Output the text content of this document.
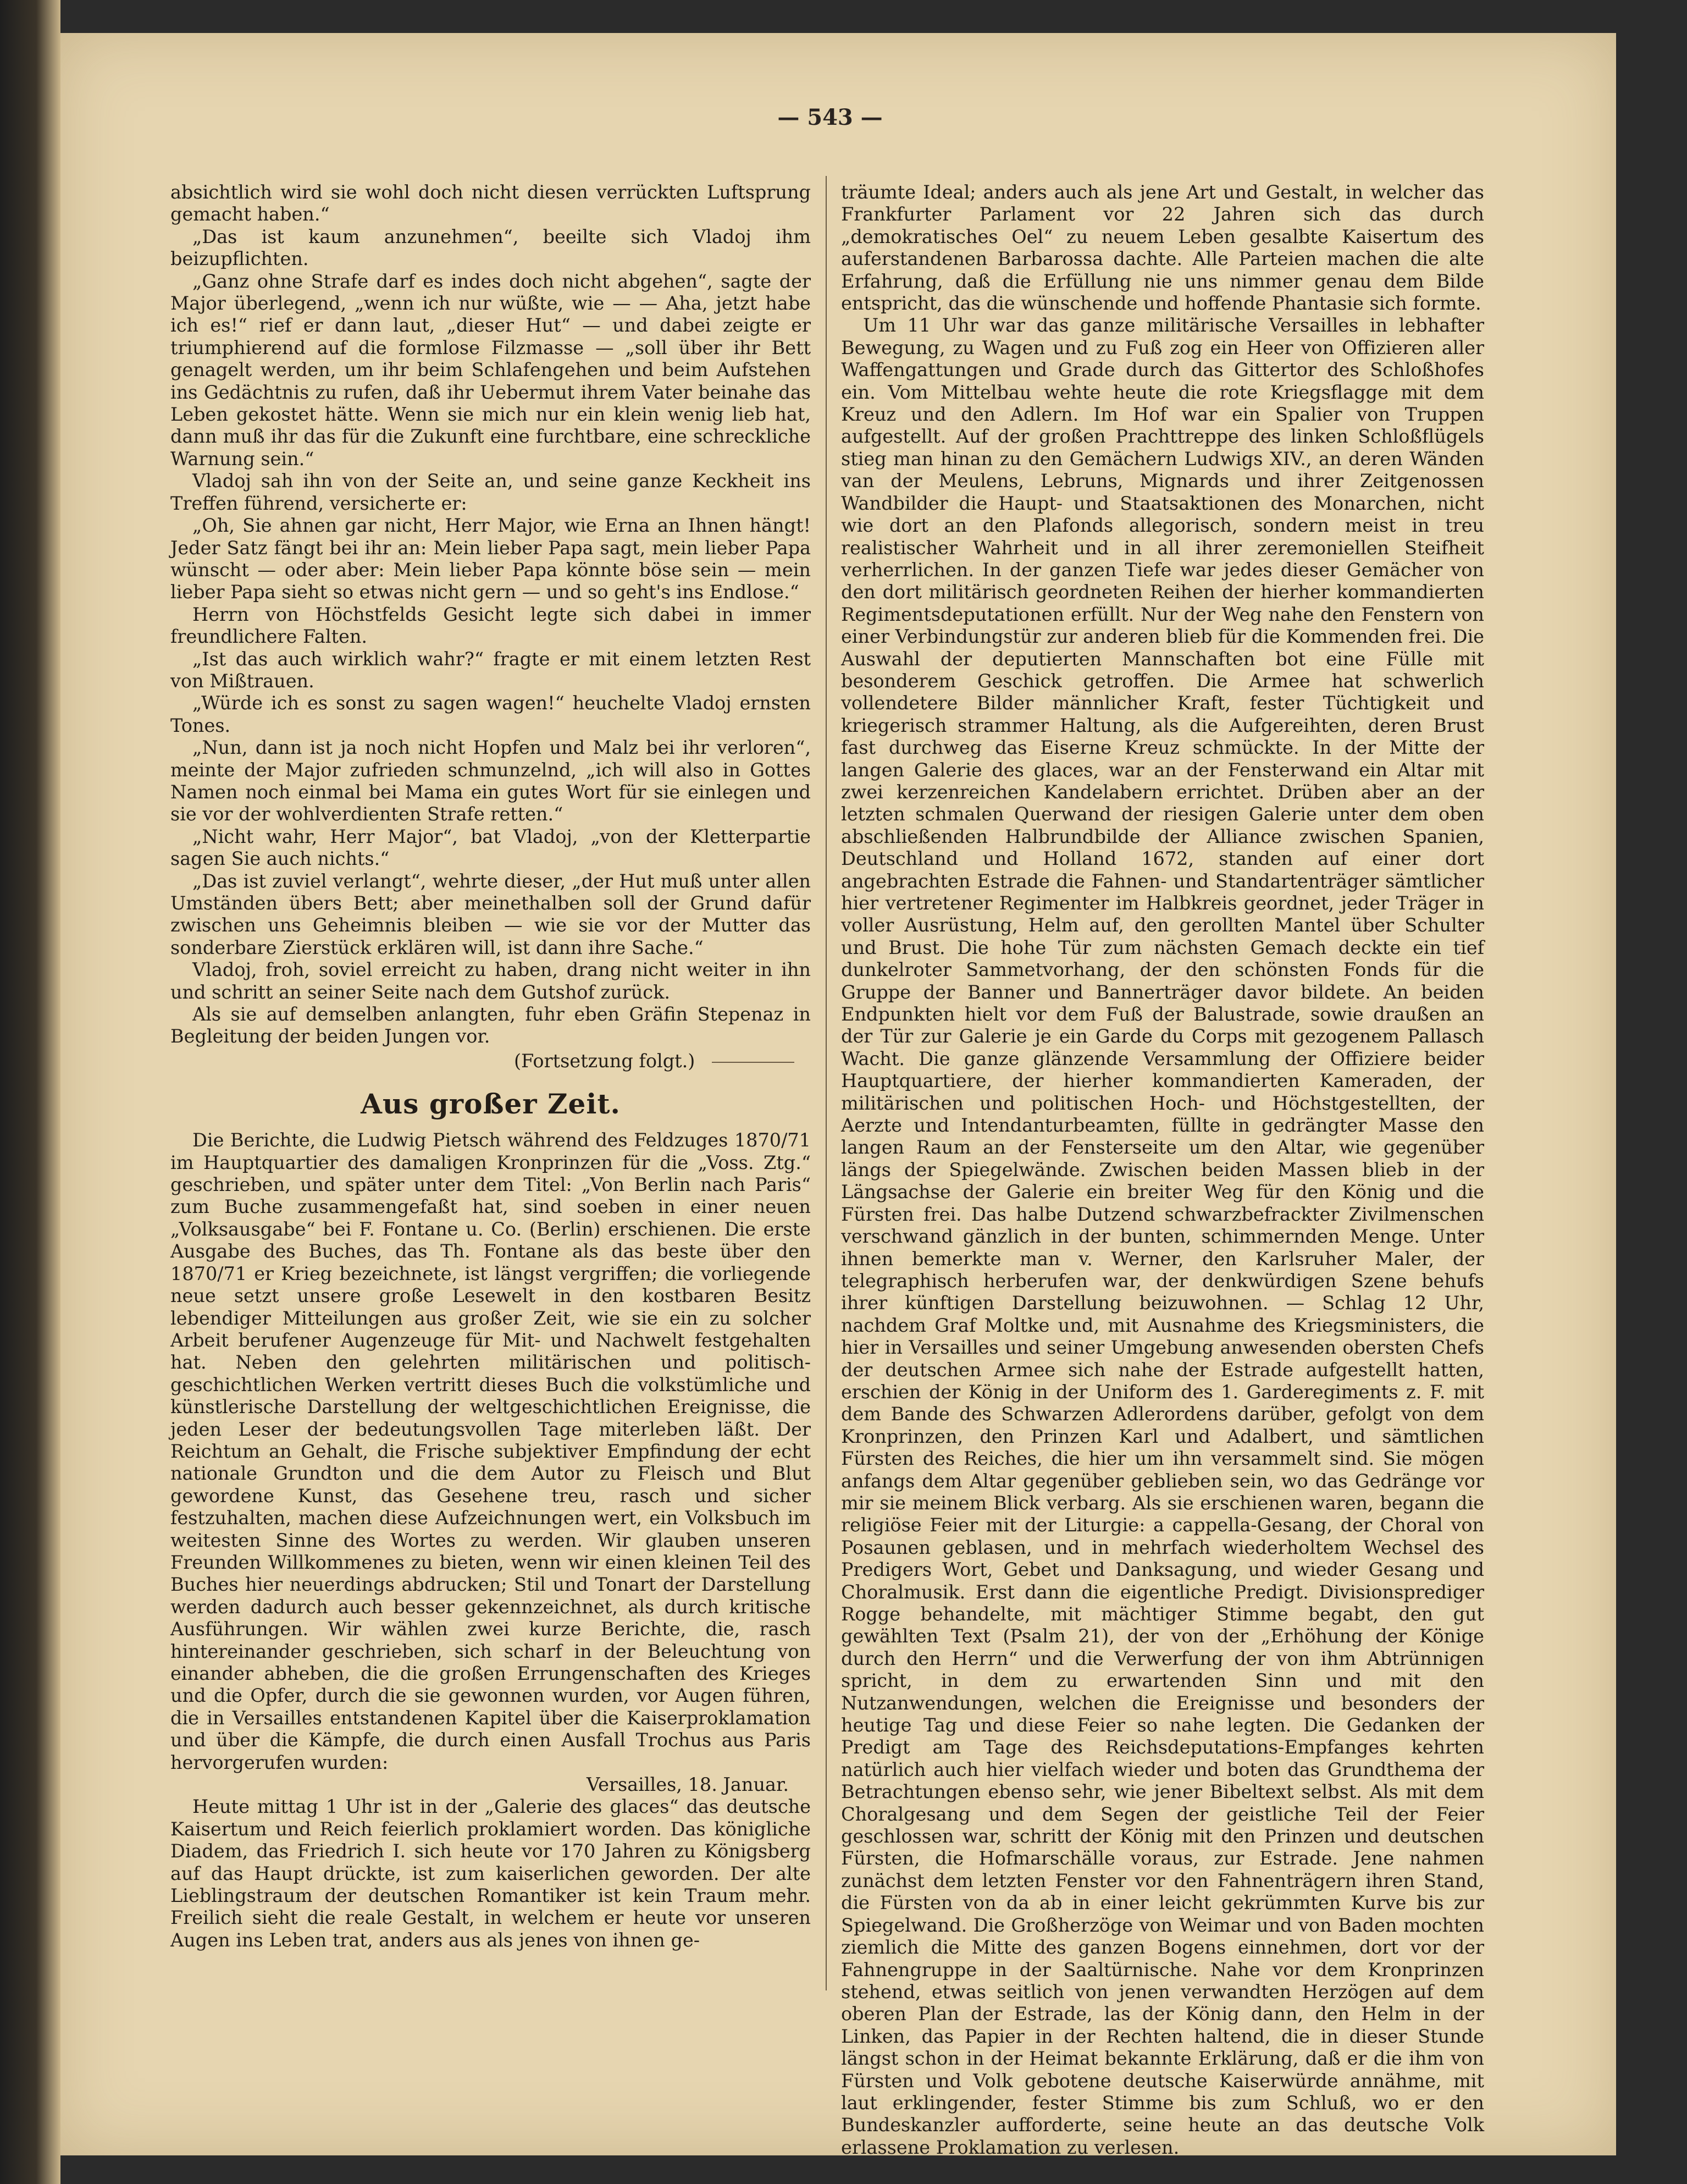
— 543 —

absichtlich wird sie wohl doch nicht diesen verrückten Luftsprung gemacht haben.“

„Das ist kaum anzunehmen“, beeilte sich Vladoj ihm beizupflichten.

„Ganz ohne Strafe darf es indes doch nicht abgehen“, sagte der Major überlegend, „wenn ich nur wüßte, wie — — Aha, jetzt habe ich es!“ rief er dann laut, „dieser Hut“ — und dabei zeigte er triumphierend auf die formlose Filzmasse — „soll über ihr Bett genagelt werden, um ihr beim Schlafengehen und beim Aufstehen ins Gedächtnis zu rufen, daß ihr Uebermut ihrem Vater beinahe das Leben gekostet hätte. Wenn sie mich nur ein klein wenig lieb hat, dann muß ihr das für die Zukunft eine furchtbare, eine schreckliche Warnung sein.“

Vladoj sah ihn von der Seite an, und seine ganze Keckheit ins Treffen führend, versicherte er:

„Oh, Sie ahnen gar nicht, Herr Major, wie Erna an Ihnen hängt! Jeder Satz fängt bei ihr an: Mein lieber Papa sagt, mein lieber Papa wünscht — oder aber: Mein lieber Papa könnte böse sein — mein lieber Papa sieht so etwas nicht gern — und so geht's ins Endlose.“

Herrn von Höchstfelds Gesicht legte sich dabei in immer freundlichere Falten.

„Ist das auch wirklich wahr?“ fragte er mit einem letzten Rest von Mißtrauen.

„Würde ich es sonst zu sagen wagen!“ heuchelte Vladoj ernsten Tones.

„Nun, dann ist ja noch nicht Hopfen und Malz bei ihr verloren“, meinte der Major zufrieden schmunzelnd, „ich will also in Gottes Namen noch einmal bei Mama ein gutes Wort für sie einlegen und sie vor der wohlverdienten Strafe retten.“

„Nicht wahr, Herr Major“, bat Vladoj, „von der Kletterpartie sagen Sie auch nichts.“

„Das ist zuviel verlangt“, wehrte dieser, „der Hut muß unter allen Umständen übers Bett; aber meinethalben soll der Grund dafür zwischen uns Geheimnis bleiben — wie sie vor der Mutter das sonderbare Zierstück erklären will, ist dann ihre Sache.“

Vladoj, froh, soviel erreicht zu haben, drang nicht weiter in ihn und schritt an seiner Seite nach dem Gutshof zurück.

Als sie auf demselben anlangten, fuhr eben Gräfin Stepenaz in Begleitung der beiden Jungen vor.

(Fortsetzung folgt.)
Aus großer Zeit.

Die Berichte, die Ludwig Pietsch während des Feldzuges 1870/71 im Hauptquartier des damaligen Kronprinzen für die „Voss. Ztg.“ geschrieben, und später unter dem Titel: „Von Berlin nach Paris“ zum Buche zusammengefaßt hat, sind soeben in einer neuen „Volksausgabe“ bei F. Fontane u. Co. (Berlin) erschienen. Die erste Ausgabe des Buches, das Th. Fontane als das beste über den 1870/71 er Krieg bezeichnete, ist längst vergriffen; die vorliegende neue setzt unsere große Lesewelt in den kostbaren Besitz lebendiger Mitteilungen aus großer Zeit, wie sie ein zu solcher Arbeit berufener Augenzeuge für Mit- und Nachwelt festgehalten hat. Neben den gelehrten militärischen und politisch-geschichtlichen Werken vertritt dieses Buch die volkstümliche und künstlerische Darstellung der weltgeschichtlichen Ereignisse, die jeden Leser der bedeutungsvollen Tage miterleben läßt. Der Reichtum an Gehalt, die Frische subjektiver Empfindung der echt nationale Grundton und die dem Autor zu Fleisch und Blut gewordene Kunst, das Gesehene treu, rasch und sicher festzuhalten, machen diese Aufzeichnungen wert, ein Volksbuch im weitesten Sinne des Wortes zu werden. Wir glauben unseren Freunden Willkommenes zu bieten, wenn wir einen kleinen Teil des Buches hier neuerdings abdrucken; Stil und Tonart der Darstellung werden dadurch auch besser gekennzeichnet, als durch kritische Ausführungen. Wir wählen zwei kurze Berichte, die, rasch hintereinander geschrieben, sich scharf in der Beleuchtung von einander abheben, die die großen Errungenschaften des Krieges und die Opfer, durch die sie gewonnen wurden, vor Augen führen, die in Versailles entstandenen Kapitel über die Kaiserproklamation und über die Kämpfe, die durch einen Ausfall Trochus aus Paris hervorgerufen wurden:

Versailles, 18. Januar.

Heute mittag 1 Uhr ist in der „Galerie des glaces“ das deutsche Kaisertum und Reich feierlich proklamiert worden. Das königliche Diadem, das Friedrich I. sich heute vor 170 Jahren zu Königsberg auf das Haupt drückte, ist zum kaiserlichen geworden. Der alte Lieblingstraum der deutschen Romantiker ist kein Traum mehr. Freilich sieht die reale Gestalt, in welchem er heute vor unseren Augen ins Leben trat, anders aus als jenes von ihnen ge-

träumte Ideal; anders auch als jene Art und Gestalt, in welcher das Frankfurter Parlament vor 22 Jahren sich das durch „demokratisches Oel“ zu neuem Leben gesalbte Kaisertum des auferstandenen Barbarossa dachte. Alle Parteien machen die alte Erfahrung, daß die Erfüllung nie uns nimmer genau dem Bilde entspricht, das die wünschende und hoffende Phantasie sich formte.

Um 11 Uhr war das ganze militärische Versailles in lebhafter Bewegung, zu Wagen und zu Fuß zog ein Heer von Offizieren aller Waffengattungen und Grade durch das Gittertor des Schloßhofes ein. Vom Mittelbau wehte heute die rote Kriegsflagge mit dem Kreuz und den Adlern. Im Hof war ein Spalier von Truppen aufgestellt. Auf der großen Prachttreppe des linken Schloßflügels stieg man hinan zu den Gemächern Ludwigs XIV., an deren Wänden van der Meulens, Lebruns, Mignards und ihrer Zeitgenossen Wandbilder die Haupt- und Staatsaktionen des Monarchen, nicht wie dort an den Plafonds allegorisch, sondern meist in treu realistischer Wahrheit und in all ihrer zeremoniellen Steifheit verherrlichen. In der ganzen Tiefe war jedes dieser Gemächer von den dort militärisch geordneten Reihen der hierher kommandierten Regimentsdeputationen erfüllt. Nur der Weg nahe den Fenstern von einer Verbindungstür zur anderen blieb für die Kommenden frei. Die Auswahl der deputierten Mannschaften bot eine Fülle mit besonderem Geschick getroffen. Die Armee hat schwerlich vollendetere Bilder männlicher Kraft, fester Tüchtigkeit und kriegerisch strammer Haltung, als die Aufgereihten, deren Brust fast durchweg das Eiserne Kreuz schmückte. In der Mitte der langen Galerie des glaces, war an der Fensterwand ein Altar mit zwei kerzenreichen Kandelabern errichtet. Drüben aber an der letzten schmalen Querwand der riesigen Galerie unter dem oben abschließenden Halbrundbilde der Alliance zwischen Spanien, Deutschland und Holland 1672, standen auf einer dort angebrachten Estrade die Fahnen- und Standartenträger sämtlicher hier vertretener Regimenter im Halbkreis geordnet, jeder Träger in voller Ausrüstung, Helm auf, den gerollten Mantel über Schulter und Brust. Die hohe Tür zum nächsten Gemach deckte ein tief dunkelroter Sammetvorhang, der den schönsten Fonds für die Gruppe der Banner und Bannerträger davor bildete. An beiden Endpunkten hielt vor dem Fuß der Balustrade, sowie draußen an der Tür zur Galerie je ein Garde du Corps mit gezogenem Pallasch Wacht. Die ganze glänzende Versammlung der Offiziere beider Hauptquartiere, der hierher kommandierten Kameraden, der militärischen und politischen Hoch- und Höchstgestellten, der Aerzte und Intendanturbeamten, füllte in gedrängter Masse den langen Raum an der Fensterseite um den Altar, wie gegenüber längs der Spiegelwände. Zwischen beiden Massen blieb in der Längsachse der Galerie ein breiter Weg für den König und die Fürsten frei. Das halbe Dutzend schwarzbefrackter Zivilmenschen verschwand gänzlich in der bunten, schimmernden Menge. Unter ihnen bemerkte man v. Werner, den Karlsruher Maler, der telegraphisch herberufen war, der denkwürdigen Szene behufs ihrer künftigen Darstellung beizuwohnen. — Schlag 12 Uhr, nachdem Graf Moltke und, mit Ausnahme des Kriegsministers, die hier in Versailles und seiner Umgebung anwesenden obersten Chefs der deutschen Armee sich nahe der Estrade aufgestellt hatten, erschien der König in der Uniform des 1. Garderegiments z. F. mit dem Bande des Schwarzen Adlerordens darüber, gefolgt von dem Kronprinzen, den Prinzen Karl und Adalbert, und sämtlichen Fürsten des Reiches, die hier um ihn versammelt sind. Sie mögen anfangs dem Altar gegenüber geblieben sein, wo das Gedränge vor mir sie meinem Blick verbarg. Als sie erschienen waren, begann die religiöse Feier mit der Liturgie: a cappella-Gesang, der Choral von Posaunen geblasen, und in mehrfach wiederholtem Wechsel des Predigers Wort, Gebet und Danksagung, und wieder Gesang und Choralmusik. Erst dann die eigentliche Predigt. Divisionsprediger Rogge behandelte, mit mächtiger Stimme begabt, den gut gewählten Text (Psalm 21), der von der „Erhöhung der Könige durch den Herrn“ und die Verwerfung der von ihm Abtrünnigen spricht, in dem zu erwartenden Sinn und mit den Nutzanwendungen, welchen die Ereignisse und besonders der heutige Tag und diese Feier so nahe legten. Die Gedanken der Predigt am Tage des Reichsdeputations-Empfanges kehrten natürlich auch hier vielfach wieder und boten das Grundthema der Betrachtungen ebenso sehr, wie jener Bibeltext selbst. Als mit dem Choralgesang und dem Segen der geistliche Teil der Feier geschlossen war, schritt der König mit den Prinzen und deutschen Fürsten, die Hofmarschälle voraus, zur Estrade. Jene nahmen zunächst dem letzten Fenster vor den Fahnenträgern ihren Stand, die Fürsten von da ab in einer leicht gekrümmten Kurve bis zur Spiegelwand. Die Großherzöge von Weimar und von Baden mochten ziemlich die Mitte des ganzen Bogens einnehmen, dort vor der Fahnengruppe in der Saaltürnische. Nahe vor dem Kronprinzen stehend, etwas seitlich von jenen verwandten Herzögen auf dem oberen Plan der Estrade, las der König dann, den Helm in der Linken, das Papier in der Rechten haltend, die in dieser Stunde längst schon in der Heimat bekannte Erklärung, daß er die ihm von Fürsten und Volk gebotene deutsche Kaiserwürde annähme, mit laut erklingender, fester Stimme bis zum Schluß, wo er den Bundeskanzler aufforderte, seine heute an das deutsche Volk erlassene Proklamation zu verlesen.
